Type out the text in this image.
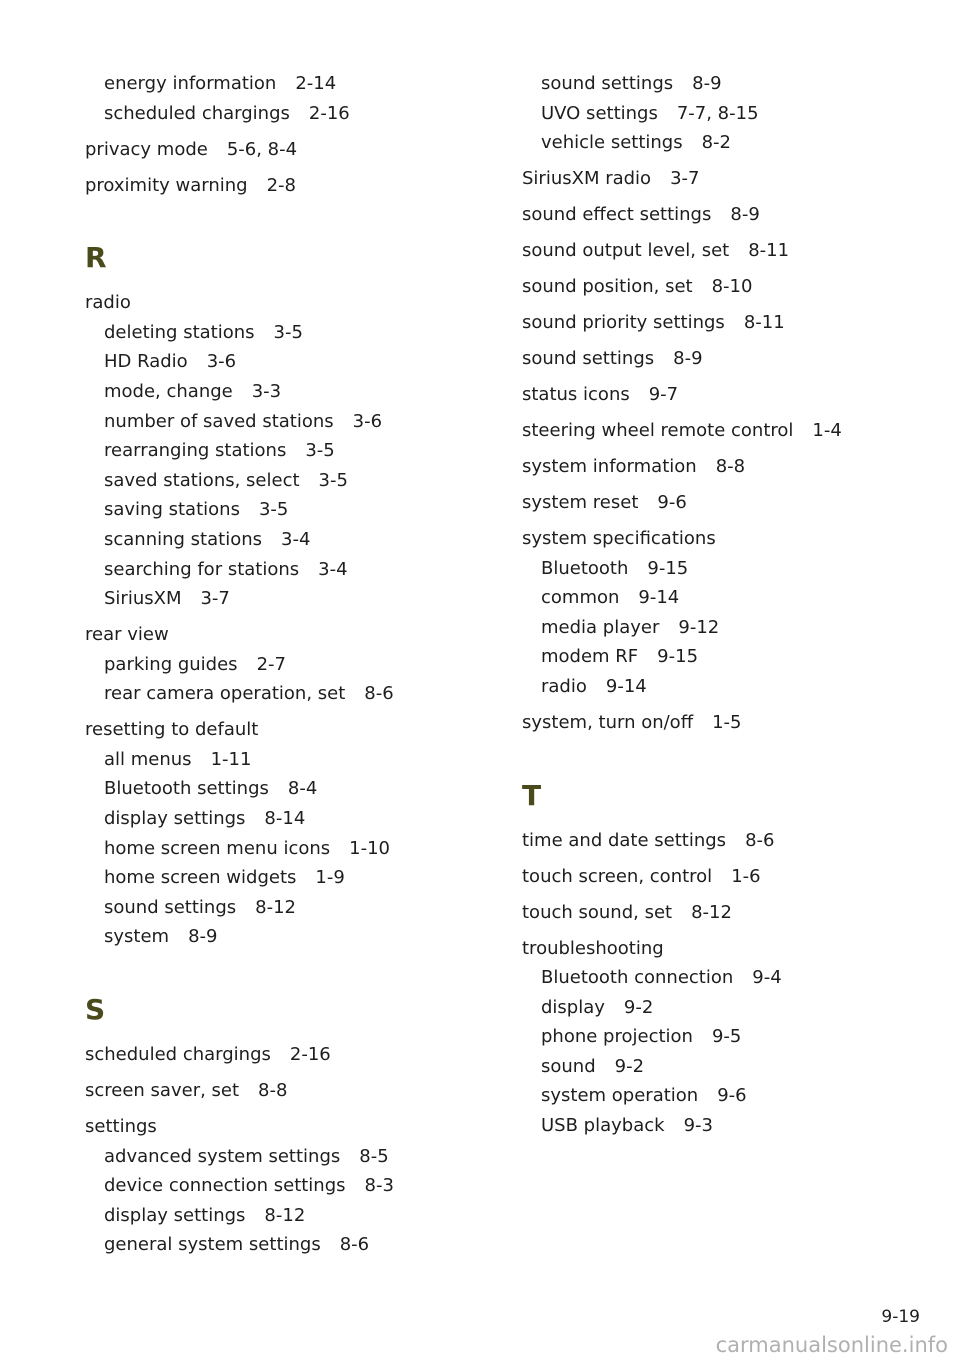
energy information 2-14
scheduled chargings 2-16
privacy mode 5-6, 8-4
proximity warning 2-8
R
radio
deleting stations 3-5
HD Radio 3-6
mode, change 3-3
number of saved stations 3-6
rearranging stations 3-5
saved stations, select 3-5
saving stations 3-5
scanning stations 3-4
searching for stations 3-4
SiriusXM 3-7
rear view
parking guides 2-7
rear camera operation, set 8-6
resetting to default
all menus 1-11
Bluetooth settings 8-4
display settings 8-14
home screen menu icons 1-10
home screen widgets 1-9
sound settings 8-12
system 8-9
S
scheduled chargings 2-16
screen saver, set 8-8
settings
advanced system settings 8-5
device connection settings 8-3
display settings 8-12
general system settings 8-6
sound settings 8-9
UVO settings 7-7, 8-15
vehicle settings 8-2
SiriusXM radio 3-7
sound effect settings 8-9
sound output level, set 8-11
sound position, set 8-10
sound priority settings 8-11
sound settings 8-9
status icons 9-7
steering wheel remote control 1-4
system information 8-8
system reset 9-6
system specifications
Bluetooth 9-15
common 9-14
media player 9-12
modem RF 9-15
radio 9-14
system, turn on/off 1-5
T
time and date settings 8-6
touch screen, control 1-6
touch sound, set 8-12
troubleshooting
Bluetooth connection 9-4
display 9-2
phone projection 9-5
sound 9-2
system operation 9-6
USB playback 9-3
9-19
carmanualsonline.info
